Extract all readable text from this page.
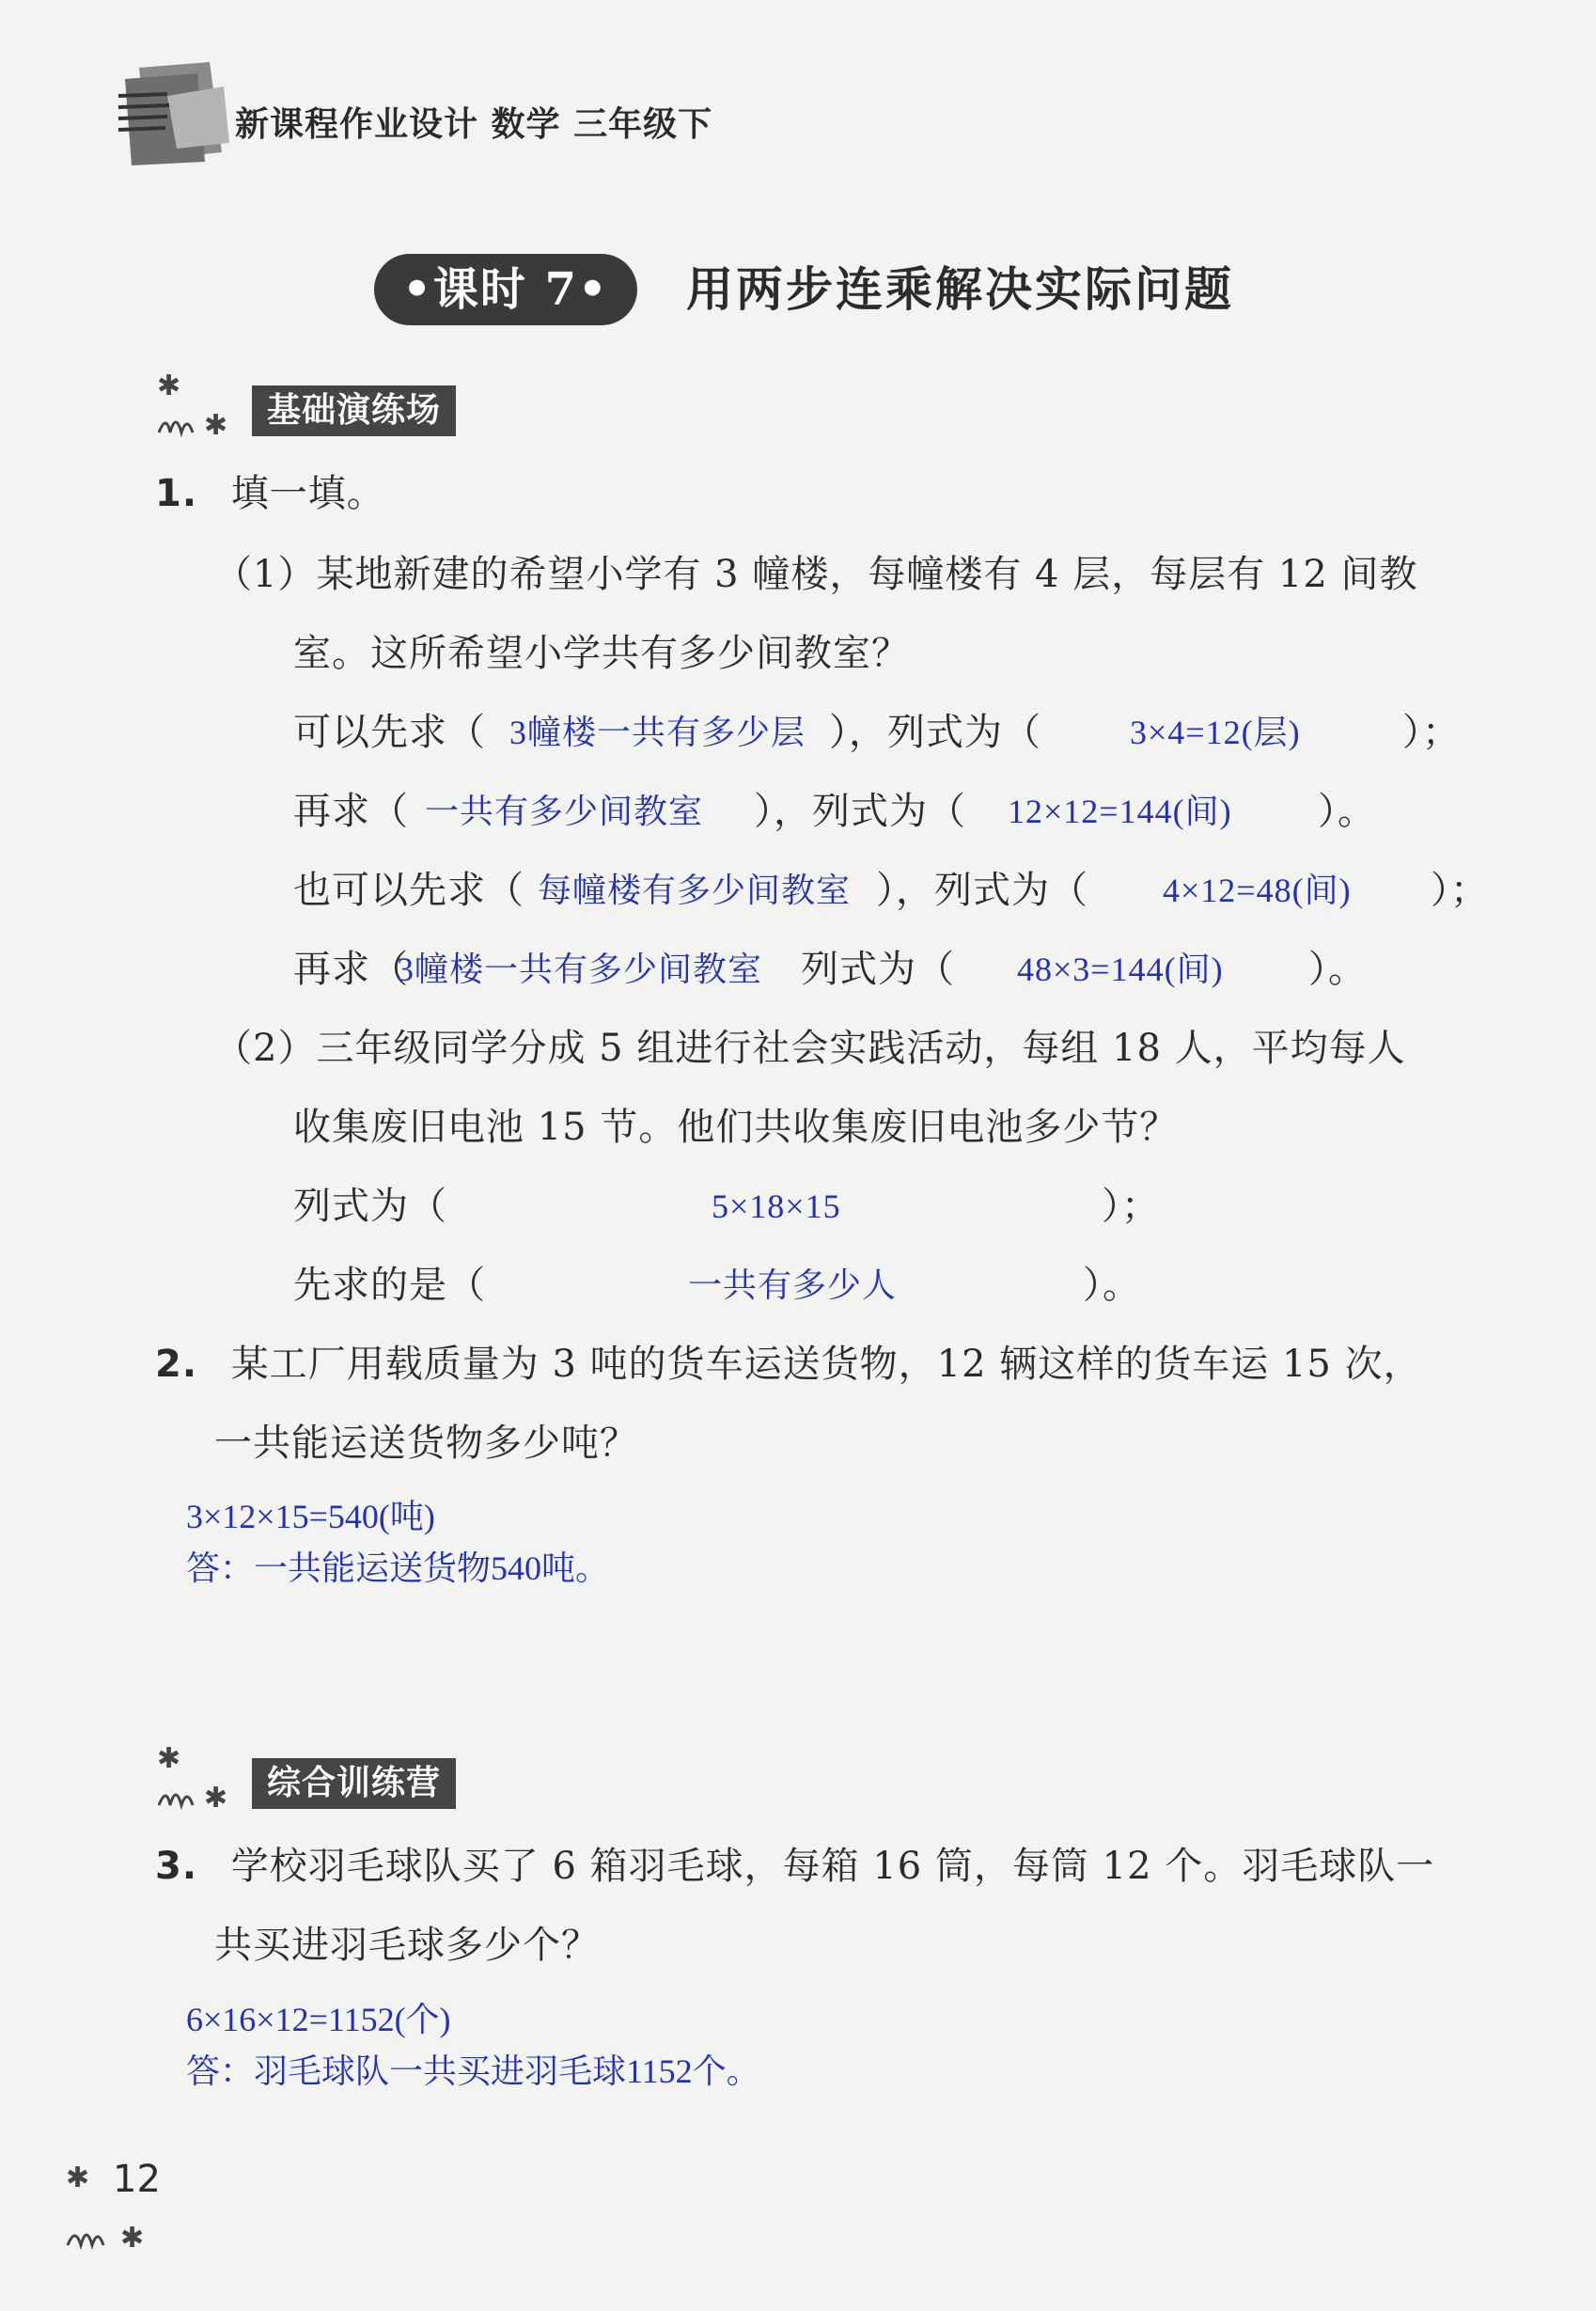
新课程作业设计 数学 三年级下
•课时 7•	用两步连乘解决实际问题
✱
✱	基础演练场
1. 填一填。
（1）某地新建的希望小学有 3 幢楼，每幢楼有 4 层，每层有 12 间教
室。这所希望小学共有多少间教室？
可以先求（ 3幢楼一共有多少层 ），列式为（	3×4=12(层)	）；
再求（ 一共有多少间教室 ），列式为（ 12×12=144(间) ）。
也可以先求（ 每幢楼有多少间教室 ），列式为（ 4×12=48(间) ）；
再求（
3幢楼一共有多少间教室 列式为（ 48×3=144(间) ）。
（2）三年级同学分成 5 组进行社会实践活动，每组 18 人，平均每人
收集废旧电池 15 节。他们共收集废旧电池多少节？
列式为（	5×18×15	）；
先求的是（	一共有多少人	）。
2. 某工厂用载质量为 3 吨的货车运送货物，12 辆这样的货车运 15 次，
一共能运送货物多少吨？
3×12×15=540(吨)
答：一共能运送货物540吨。
✱
✱	综合训练营
3. 学校羽毛球队买了 6 箱羽毛球，每箱 16 筒，每筒 12 个。羽毛球队一
共买进羽毛球多少个？
6×16×12=1152(个)
答：羽毛球队一共买进羽毛球1152个。
✱
✱
12
